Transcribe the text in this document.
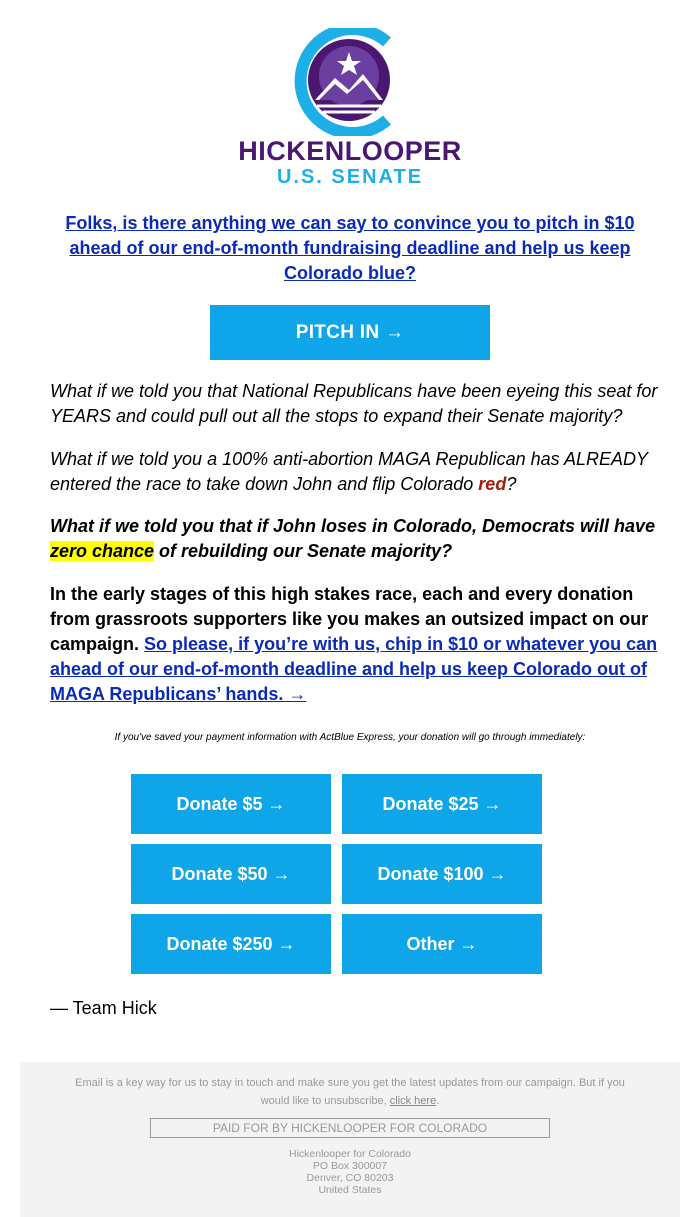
HICKENLOOPER
U.S. SENATE
Folks, is there anything we can say to convince you to pitch in $10 ahead of our end-of-month fundraising deadline and help us keep Colorado blue?
PITCH IN →
What if we told you that National Republicans have been eyeing this seat for YEARS and could pull out all the stops to expand their Senate majority?
What if we told you a 100% anti-abortion MAGA Republican has ALREADY entered the race to take down John and flip Colorado red?
What if we told you that if John loses in Colorado, Democrats will have zero chance of rebuilding our Senate majority?
In the early stages of this high stakes race, each and every donation from grassroots supporters like you makes an outsized impact on our campaign. So please, if you’re with us, chip in $10 or whatever you can ahead of our end-of-month deadline and help us keep Colorado out of MAGA Republicans’ hands. →
If you've saved your payment information with ActBlue Express, your donation will go through immediately:
Donate $5 →	Donate $25 →
Donate $50 →	Donate $100 →
Donate $250 →	Other →
— Team Hick
Email is a key way for us to stay in touch and make sure you get the latest updates from our campaign. But if you would like to unsubscribe, click here.
PAID FOR BY HICKENLOOPER FOR COLORADO
Hickenlooper for Colorado
PO Box 300007
Denver, CO 80203
United States
